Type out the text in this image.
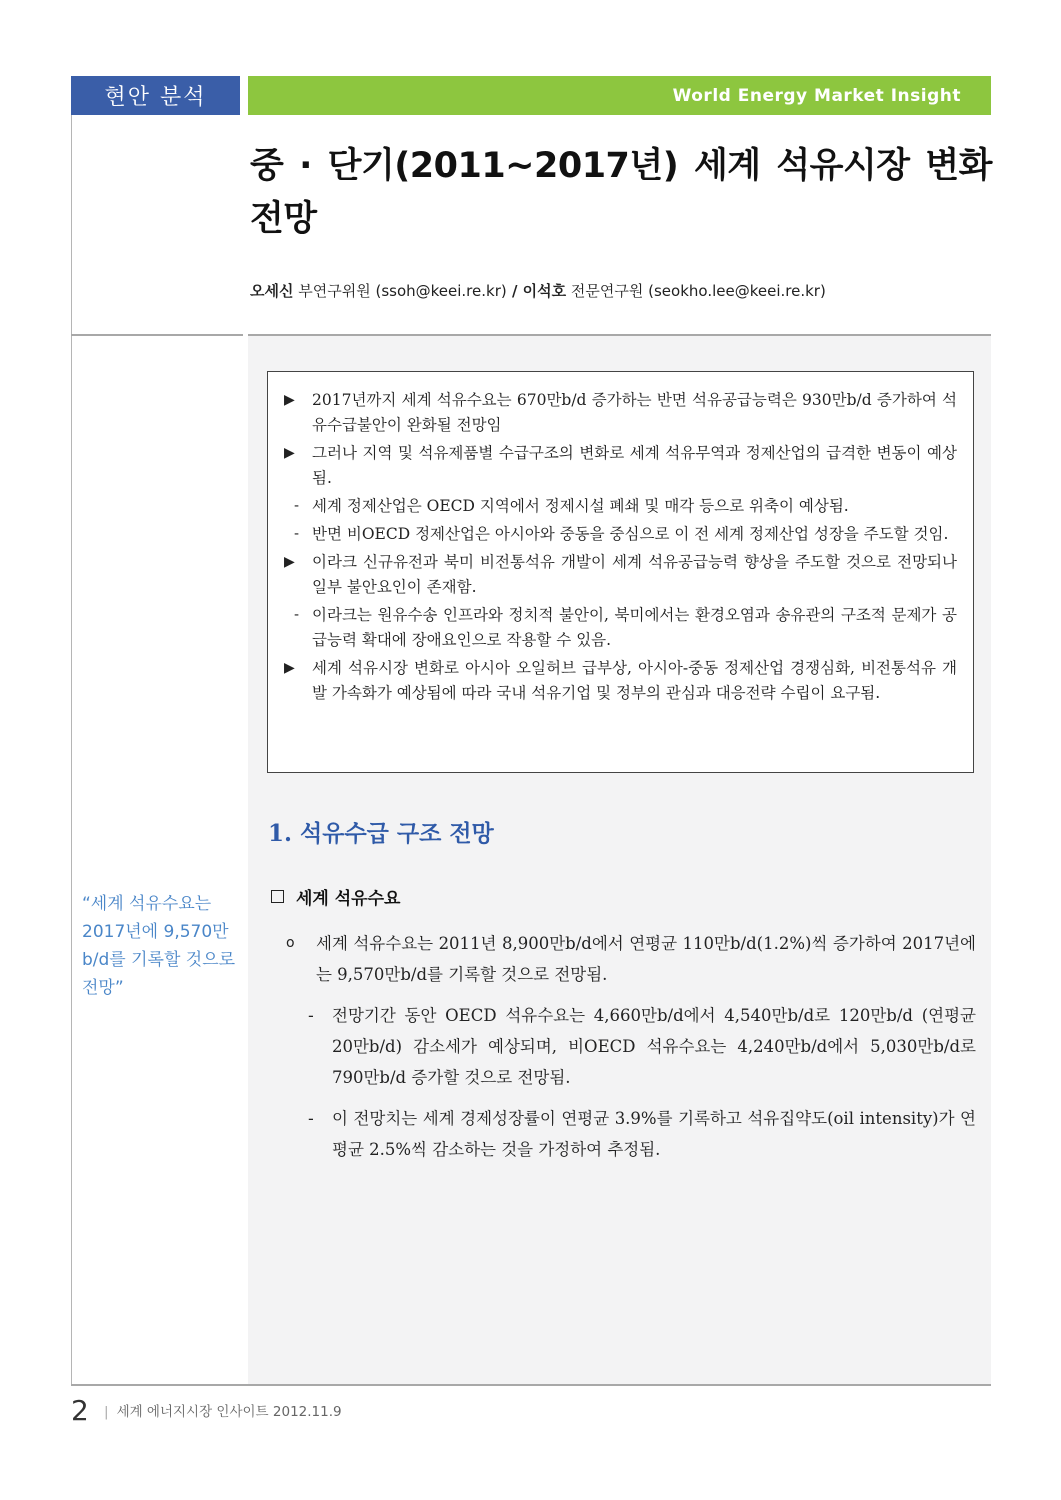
현안 분석	World Energy Market Insight
중 · 단기(2011~2017년) 세계 석유시장 변화 전망
오세신 부연구위원 (ssoh@keei.re.kr) / 이석호 전문연구원 (seokho.lee@keei.re.kr)
▶	2017년까지 세계 석유수요는 670만b/d 증가하는 반면 석유공급능력은 930만b/d 증가하여 석유수급불안이 완화될 전망임
▶	그러나 지역 및 석유제품별 수급구조의 변화로 세계 석유무역과 정제산업의 급격한 변동이 예상됨.
- 세계 정제산업은 OECD 지역에서 정제시설 폐쇄 및 매각 등으로 위축이 예상됨.
- 반면 비OECD 정제산업은 아시아와 중동을 중심으로 이 전 세계 정제산업 성장을 주도할 것임.
▶	이라크 신규유전과 북미 비전통석유 개발이 세계 석유공급능력 향상을 주도할 것으로 전망되나 일부 불안요인이 존재함.
- 이라크는 원유수송 인프라와 정치적 불안이, 북미에서는 환경오염과 송유관의 구조적 문제가 공급능력 확대에 장애요인으로 작용할 수 있음.
▶	세계 석유시장 변화로 아시아 오일허브 급부상, 아시아-중동 정제산업 경쟁심화, 비전통석유 개발 가속화가 예상됨에 따라 국내 석유기업 및 정부의 관심과 대응전략 수립이 요구됨.
1. 석유수급 구조 전망
세계 석유수요
o	세계 석유수요는 2011년 8,900만b/d에서 연평균 110만b/d(1.2%)씩 증가하여 2017년에는 9,570만b/d를 기록할 것으로 전망됨.
-	전망기간 동안 OECD 석유수요는 4,660만b/d에서 4,540만b/d로 120만b/d (연평균 20만b/d) 감소세가 예상되며, 비OECD 석유수요는 4,240만b/d에서 5,030만b/d로 790만b/d 증가할 것으로 전망됨.
-	이 전망치는 세계 경제성장률이 연평균 3.9%를 기록하고 석유집약도(oil intensity)가 연평균 2.5%씩 감소하는 것을 가정하여 추정됨.
“세계 석유수요는 2017년에 9,570만b/d를 기록할 것으로 전망”
2 | 세계 에너지시장 인사이트 2012.11.9
